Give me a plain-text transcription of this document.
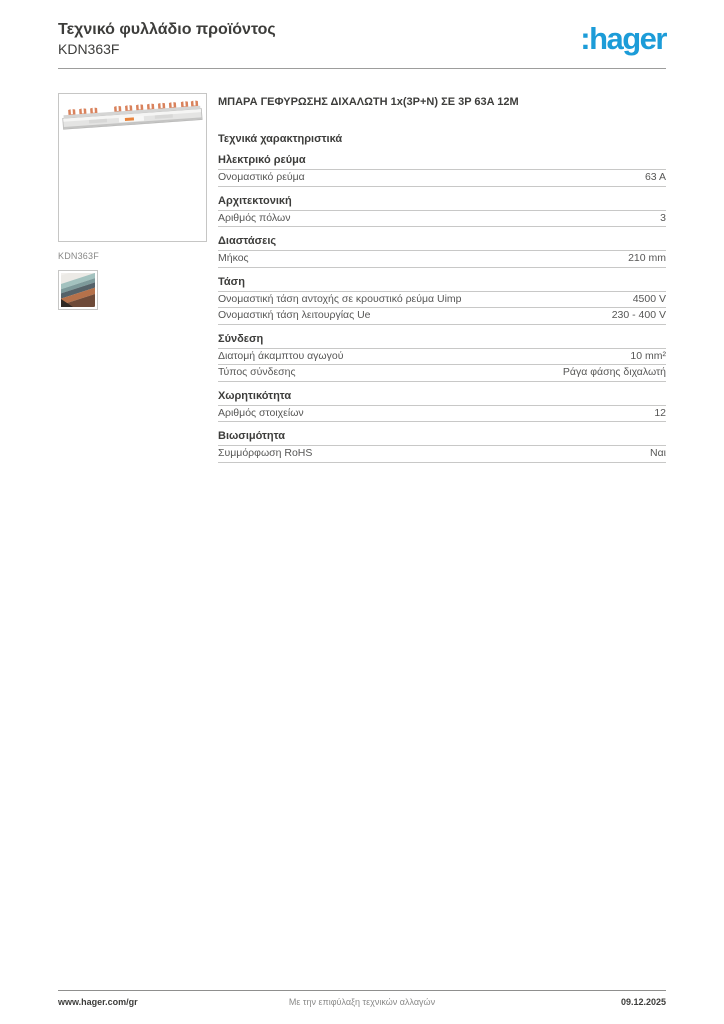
Τεχνικό φυλλάδιο προϊόντος
KDN363F	:hager
KDN363F
ΜΠΑΡΑ ΓΕΦΥΡΩΣΗΣ ΔΙΧΑΛΩΤΗ 1x(3P+N) ΣΕ 3P 63A 12M
Τεχνικά χαρακτηριστικά
Ηλεκτρικό ρεύμα
Ονομαστικό ρεύμα	63 A
Αρχιτεκτονική
Αριθμός πόλων	3
Διαστάσεις
Μήκος	210 mm
Τάση
Ονομαστική τάση αντοχής σε κρουστικό ρεύμα Uimp	4500 V
Ονομαστική τάση λειτουργίας Ue	230 - 400 V
Σύνδεση
Διατομή άκαμπτου αγωγού	10 mm²
Τύπος σύνδεσης	Ράγα φάσης διχαλωτή
Χωρητικότητα
Αριθμός στοιχείων	12
Βιωσιμότητα
Συμμόρφωση RoHS	Ναι
www.hager.com/gr	Με την επιφύλαξη τεχνικών αλλαγών	09.12.2025
